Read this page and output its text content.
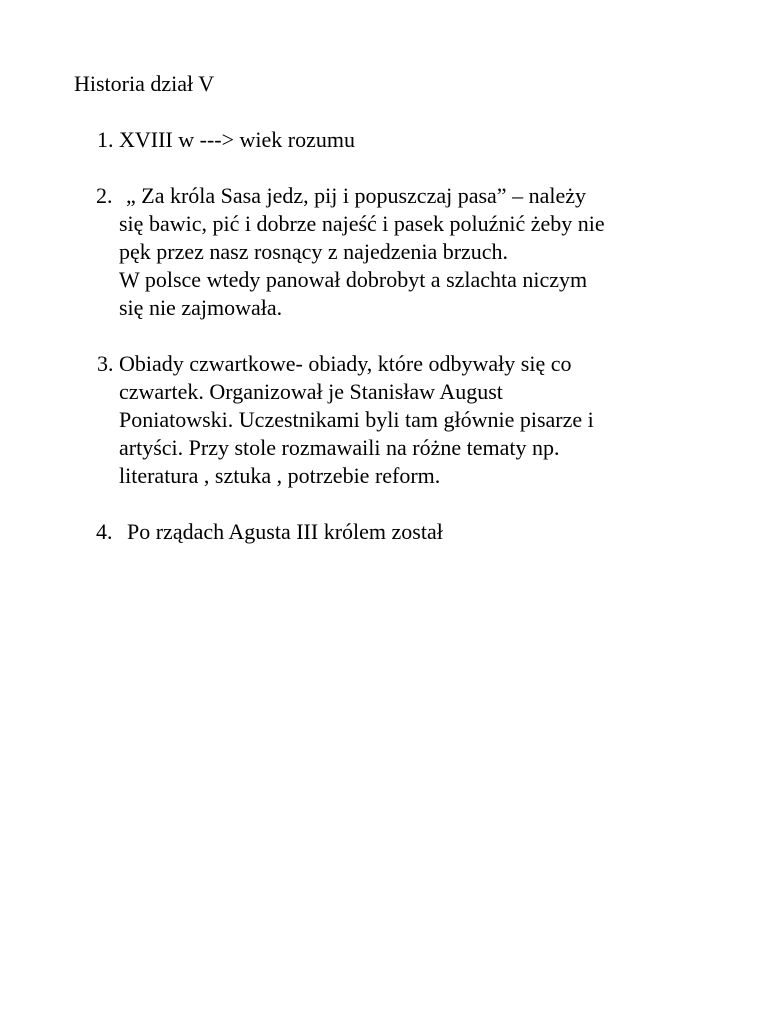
Historia dział V
1. XVIII w ---> wiek rozumu
2. „ Za króla Sasa jedz, pij i popuszczaj pasa” – należy
się bawic, pić i dobrze najeść i pasek poluźnić żeby nie
pęk przez nasz rosnący z najedzenia brzuch.
W polsce wtedy panował dobrobyt a szlachta niczym
się nie zajmowała.
3. Obiady czwartkowe- obiady, które odbywały się co
czwartek. Organizował je Stanisław August
Poniatowski. Uczestnikami byli tam głównie pisarze i
artyści. Przy stole rozmawaili na różne tematy np.
literatura , sztuka , potrzebie reform.
4. Po rządach Agusta III królem został
